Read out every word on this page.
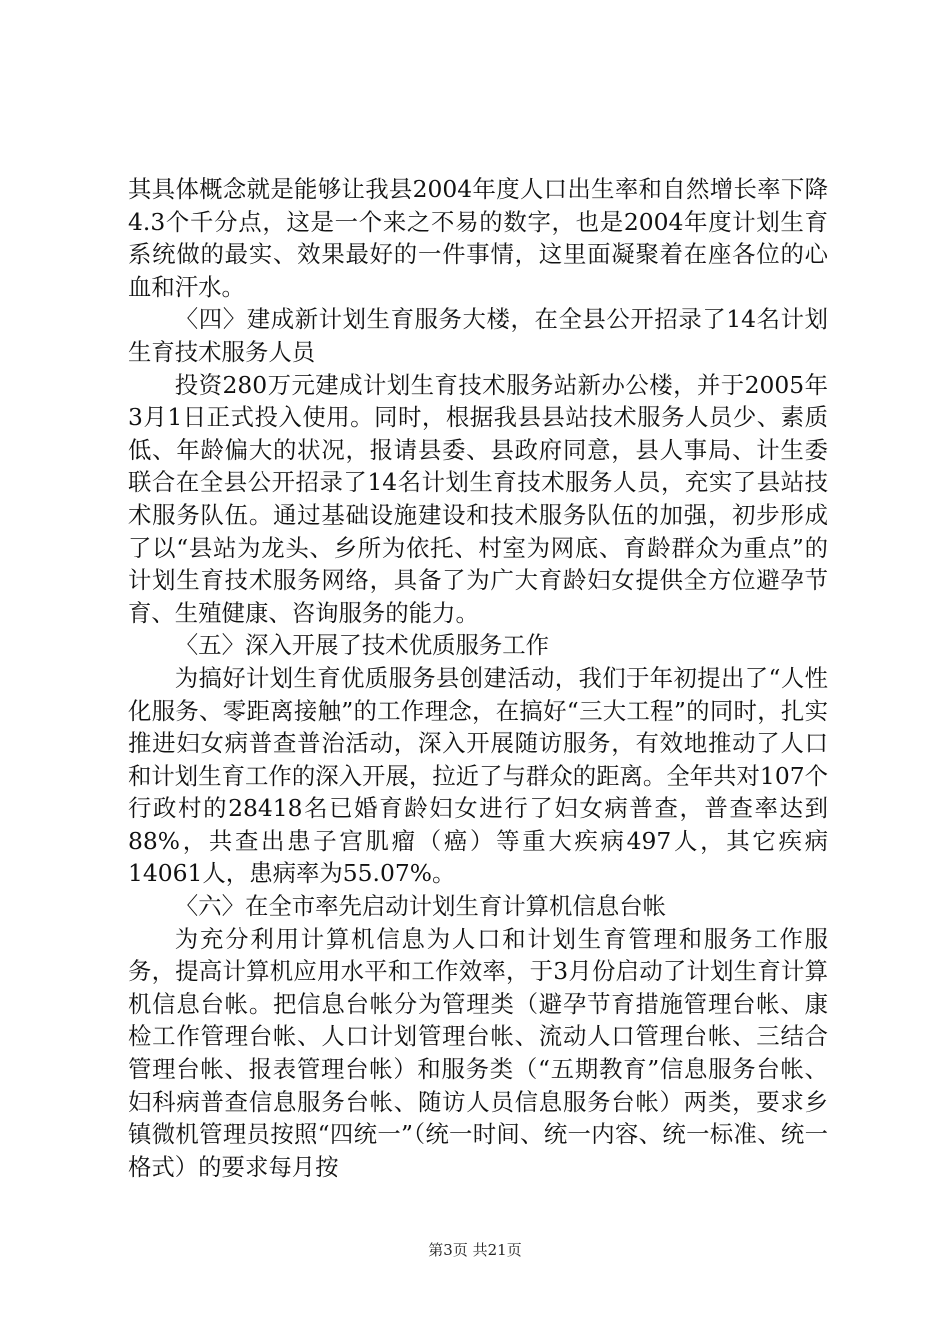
其具体概念就是能够让我县2004年度人口出生率和自然增长率下降4.3个千分点，这是一个来之不易的数字，也是2004年度计划生育系统做的最实、效果最好的一件事情，这里面凝聚着在座各位的心血和汗水。

〈四〉建成新计划生育服务大楼，在全县公开招录了14名计划生育技术服务人员

投资280万元建成计划生育技术服务站新办公楼，并于2005年3月1日正式投入使用。同时，根据我县县站技术服务人员少、素质低、年龄偏大的状况，报请县委、县政府同意，县人事局、计生委联合在全县公开招录了14名计划生育技术服务人员，充实了县站技术服务队伍。通过基础设施建设和技术服务队伍的加强，初步形成了以“县站为龙头、乡所为依托、村室为网底、育龄群众为重点”的计划生育技术服务网络，具备了为广大育龄妇女提供全方位避孕节育、生殖健康、咨询服务的能力。

〈五〉深入开展了技术优质服务工作

为搞好计划生育优质服务县创建活动，我们于年初提出了“人性化服务、零距离接触”的工作理念，在搞好“三大工程”的同时，扎实推进妇女病普查普治活动，深入开展随访服务，有效地推动了人口和计划生育工作的深入开展，拉近了与群众的距离。全年共对107个行政村的28418名已婚育龄妇女进行了妇女病普查，普查率达到88%，共查出患子宫肌瘤（癌）等重大疾病497人，其它疾病14061人，患病率为55.07%。

〈六〉在全市率先启动计划生育计算机信息台帐

为充分利用计算机信息为人口和计划生育管理和服务工作服务，提高计算机应用水平和工作效率，于3月份启动了计划生育计算机信息台帐。把信息台帐分为管理类（避孕节育措施管理台帐、康检工作管理台帐、人口计划管理台帐、流动人口管理台帐、三结合管理台帐、报表管理台帐）和服务类（“五期教育”信息服务台帐、妇科病普查信息服务台帐、随访人员信息服务台帐）两类，要求乡镇微机管理员按照“四统一”（统一时间、统一内容、统一标准、统一格式）的要求每月按

第3页 共21页
